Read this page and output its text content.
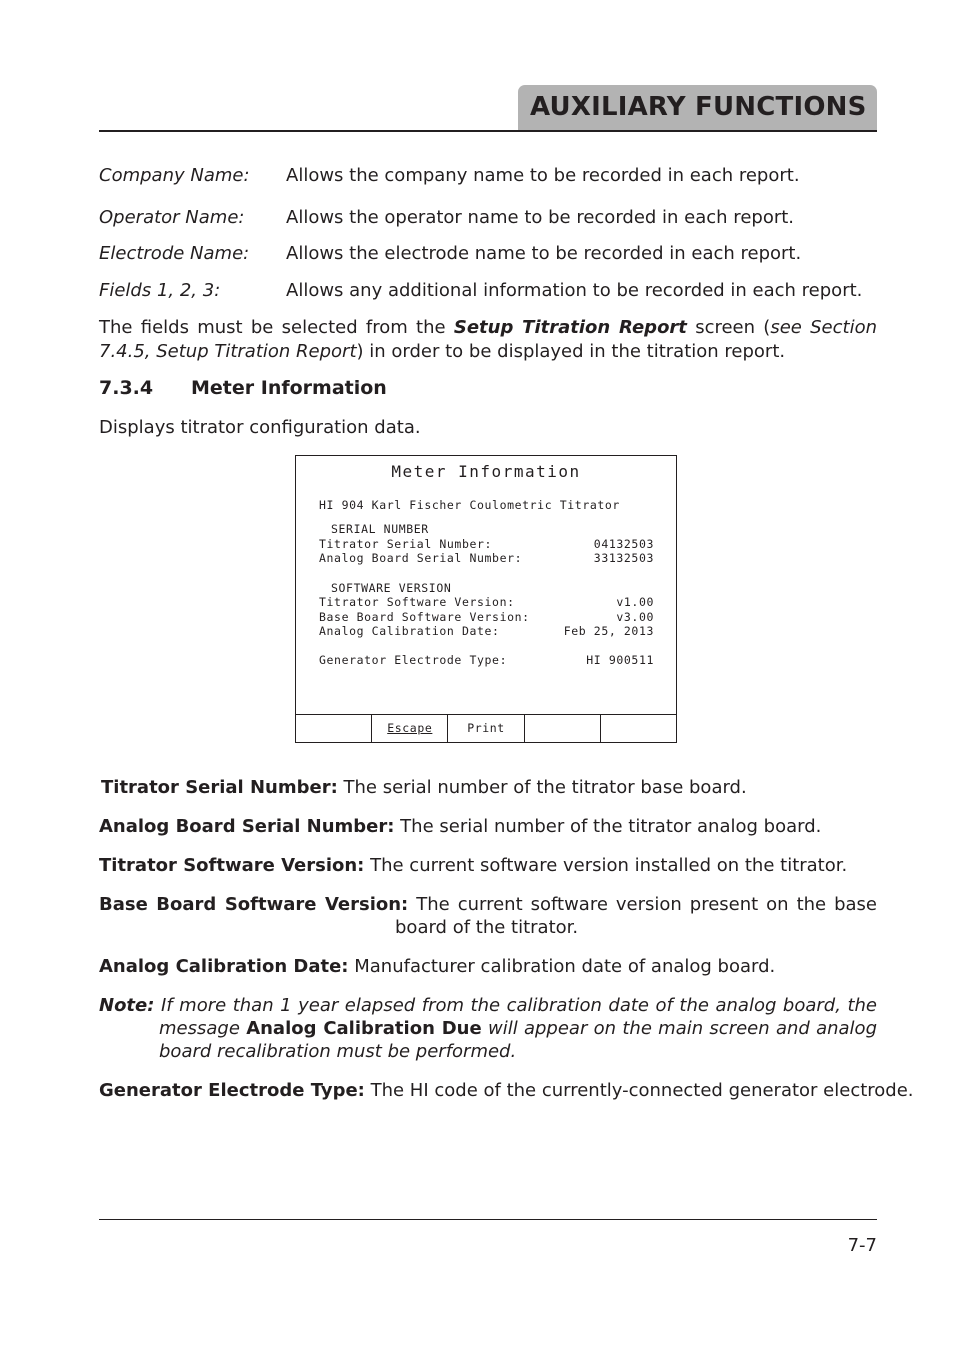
AUXILIARY FUNCTIONS
Company Name: Allows the company name to be recorded in each report.
Operator Name: Allows the operator name to be recorded in each report.
Electrode Name: Allows the electrode name to be recorded in each report.
Fields 1, 2, 3:	Allows any additional information to be recorded in each report.
The fields must be selected from the Setup Titration Report screen (see Section 7.4.5, Setup Titration Report) in order to be displayed in the titration report.
7.3.4 Meter Information
Displays titrator configuration data.
Meter Information
HI 904 Karl Fischer Coulometric Titrator
SERIAL NUMBER
Titrator Serial Number:	04132503
Analog Board Serial Number:	33132503
SOFTWARE VERSION
Titrator Software Version:	v1.00
Base Board Software Version:	v3.00
Analog Calibration Date:	Feb 25, 2013
Generator Electrode Type:	HI 900511
Escape	Print
Titrator Serial Number: The serial number of the titrator base board.
Analog Board Serial Number: The serial number of the titrator analog board.
Titrator Software Version: The current software version installed on the titrator.
Base Board Software Version: The current software version present on the base board of the titrator.
Analog Calibration Date: Manufacturer calibration date of analog board.
Note: If more than 1 year elapsed from the calibration date of the analog board, the message Analog Calibration Due will appear on the main screen and analog board recalibration must be performed.
Generator Electrode Type: The HI code of the currently-connected generator electrode.
7-7
